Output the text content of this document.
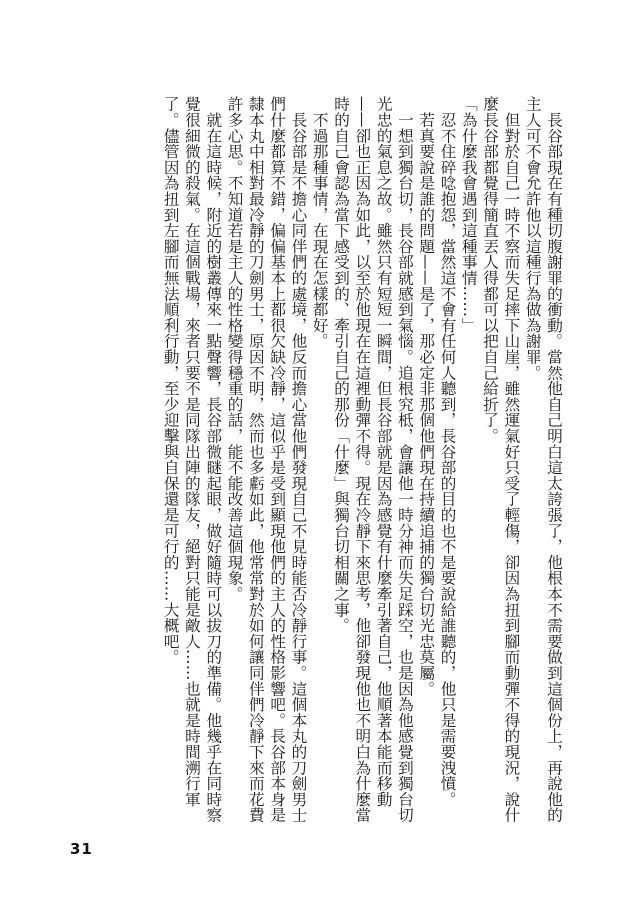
　長谷部現在有種切腹謝罪的衝動。當然他自己明白這太誇張了，他根本不需要做到這個份上，再說他的主人可不會允許他以這種行為做為謝罪。

　但對於自己一時不察而失足摔下山崖，雖然運氣好只受了輕傷，卻因為扭到腳而動彈不得的現況，說什麼長谷部都覺得簡直丟人得都可以把自己給折了。

「為什麼我會遇到這種事情……」

　忍不住碎唸抱怨，當然這不會有任何人聽到，長谷部的目的也不是要說給誰聽的，他只是需要洩憤。

　若真要說是誰的問題——是了，那必定非那個他們現在持續追捕的獨台切光忠莫屬。

　一想到獨台切，長谷部就感到氣惱。追根究柢，會讓他一時分神而失足踩空，也是因為他感覺到獨台切光忠的氣息之故。雖然只有短短一瞬間，但長谷部就是因為感覺有什麼牽引著自己，他順著本能而移動——卻也正因為如此，以至於他現在在這裡動彈不得。現在冷靜下來思考，他卻發現他也不明白為什麼當時的自己會認為當下感受到的、牽引自己的那份「什麼」與獨台切相關之事。

　不過那種事情，在現在怎樣都好。

　長谷部是不擔心同伴們的處境，他反而擔心當他們發現自己不見時能否冷靜行事。這個本丸的刀劍男士們什麼都算不錯，偏偏基本上都很欠缺冷靜，這似乎是受到顯現他們的主人的性格影響吧。長谷部本身是隸本丸中相對最冷靜的刀劍男士，原因不明，然而也多虧如此，他常常對於如何讓同伴們冷靜下來而花費許多心思。不知道若是主人的性格變得穩重的話，能不能改善這個現象。

　就在這時候，附近的樹叢傳來一點聲響，長谷部微瞇起眼，做好隨時可以拔刀的準備。他幾乎在同時察覺很細微的殺氣。在這個戰場，來者只要不是同隊出陣的隊友，絕對只能是敵人……也就是時間溯行軍了。儘管因為扭到左腳而無法順利行動，至少迎擊與自保還是可行的……大概吧。

31
